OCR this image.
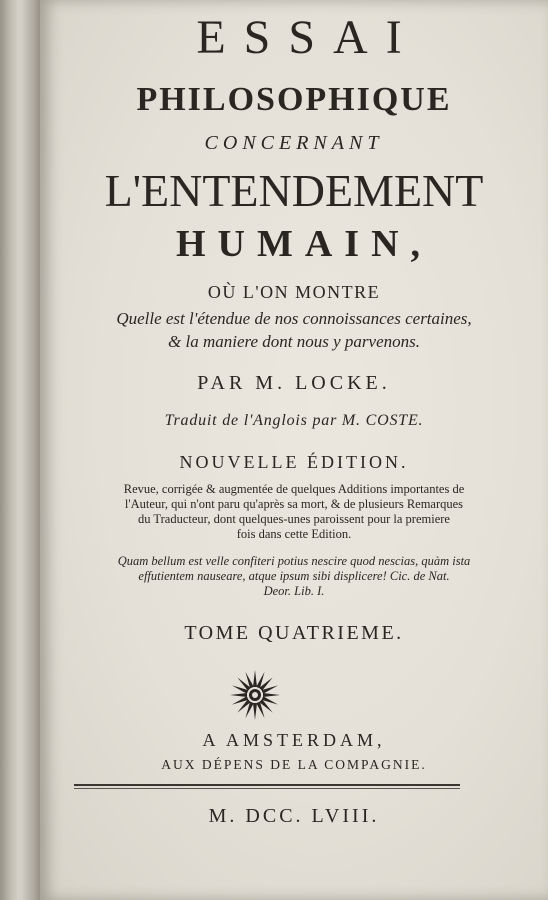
ESSAI
PHILOSOPHIQUE
CONCERNANT
L'ENTENDEMENT
HUMAIN,
OÙ L'ON MONTRE
Quelle est l'étendue de nos connoissances certaines,
& la maniere dont nous y parvenons.
PAR M. LOCKE.
Traduit de l'Anglois par M. COSTE.
NOUVELLE ÉDITION.
Revue, corrigée & augmentée de quelques Additions importantes de
l'Auteur, qui n'ont paru qu'après sa mort, & de plusieurs Remarques
du Traducteur, dont quelques-unes paroissent pour la premiere
fois dans cette Edition.
Quam bellum est velle confiteri potius nescire quod nescias, quàm ista
effutientem nauseare, atque ipsum sibi displicere! Cic. de Nat.
Deor. Lib. I.
TOME QUATRIEME.
A AMSTERDAM,
AUX DÉPENS DE LA COMPAGNIE.
M. DCC. LVIII.
